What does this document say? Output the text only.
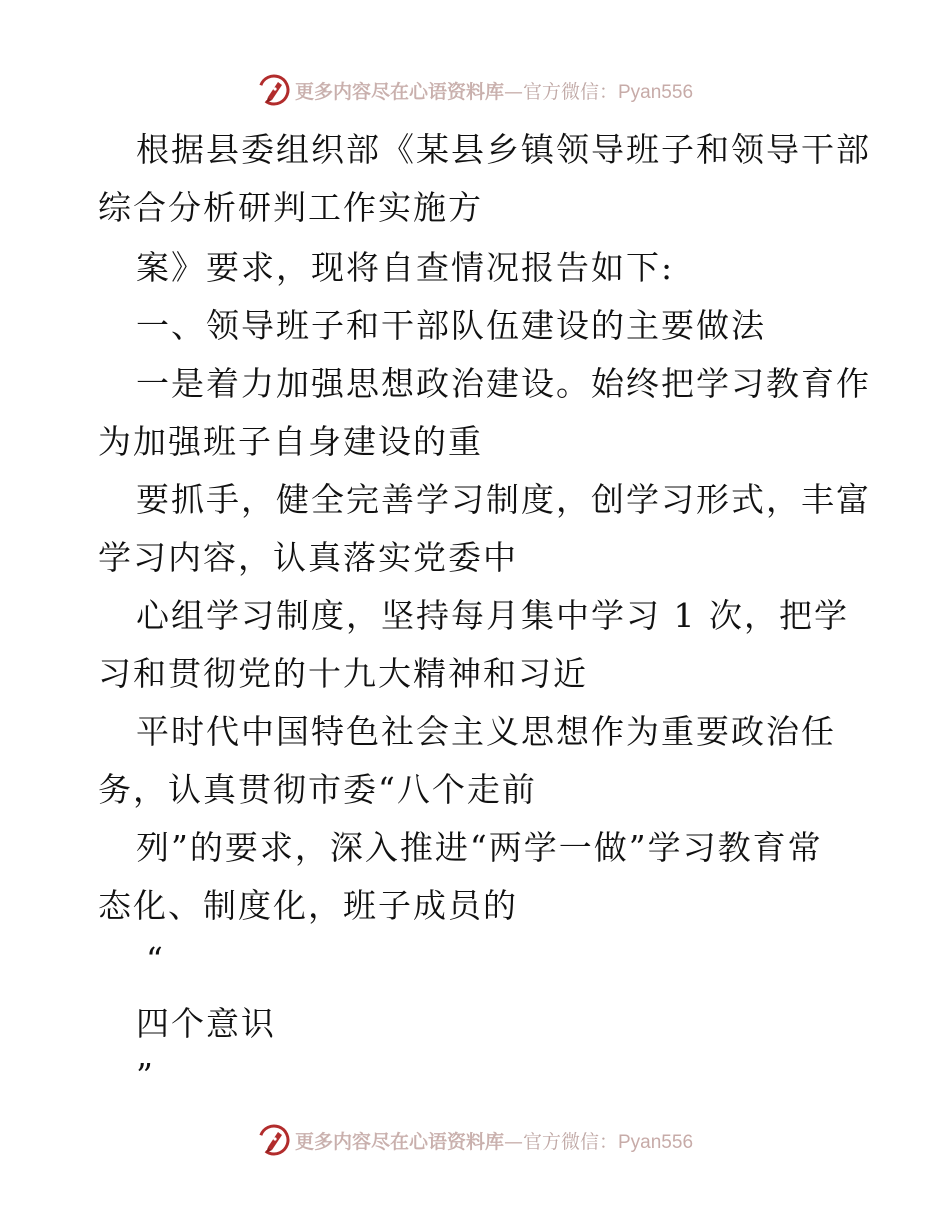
更多内容尽在心语资料库—官方微信：Pyan556
根据县委组织部《某县乡镇领导班子和领导干部
综合分析研判工作实施方
案》要求，现将自查情况报告如下:
一、领导班子和干部队伍建设的主要做法
一是着力加强思想政治建设。始终把学习教育作
为加强班子自身建设的重
要抓手，健全完善学习制度，创学习形式，丰富
学习内容，认真落实党委中
心组学习制度，坚持每月集中学习 1 次，把学
习和贯彻党的十九大精神和习近
平时代中国特色社会主义思想作为重要政治任
务，认真贯彻市委“八个走前
列”的要求，深入推进“两学一做”学习教育常
态化、制度化，班子成员的
“
四个意识
”
更多内容尽在心语资料库—官方微信：Pyan556
